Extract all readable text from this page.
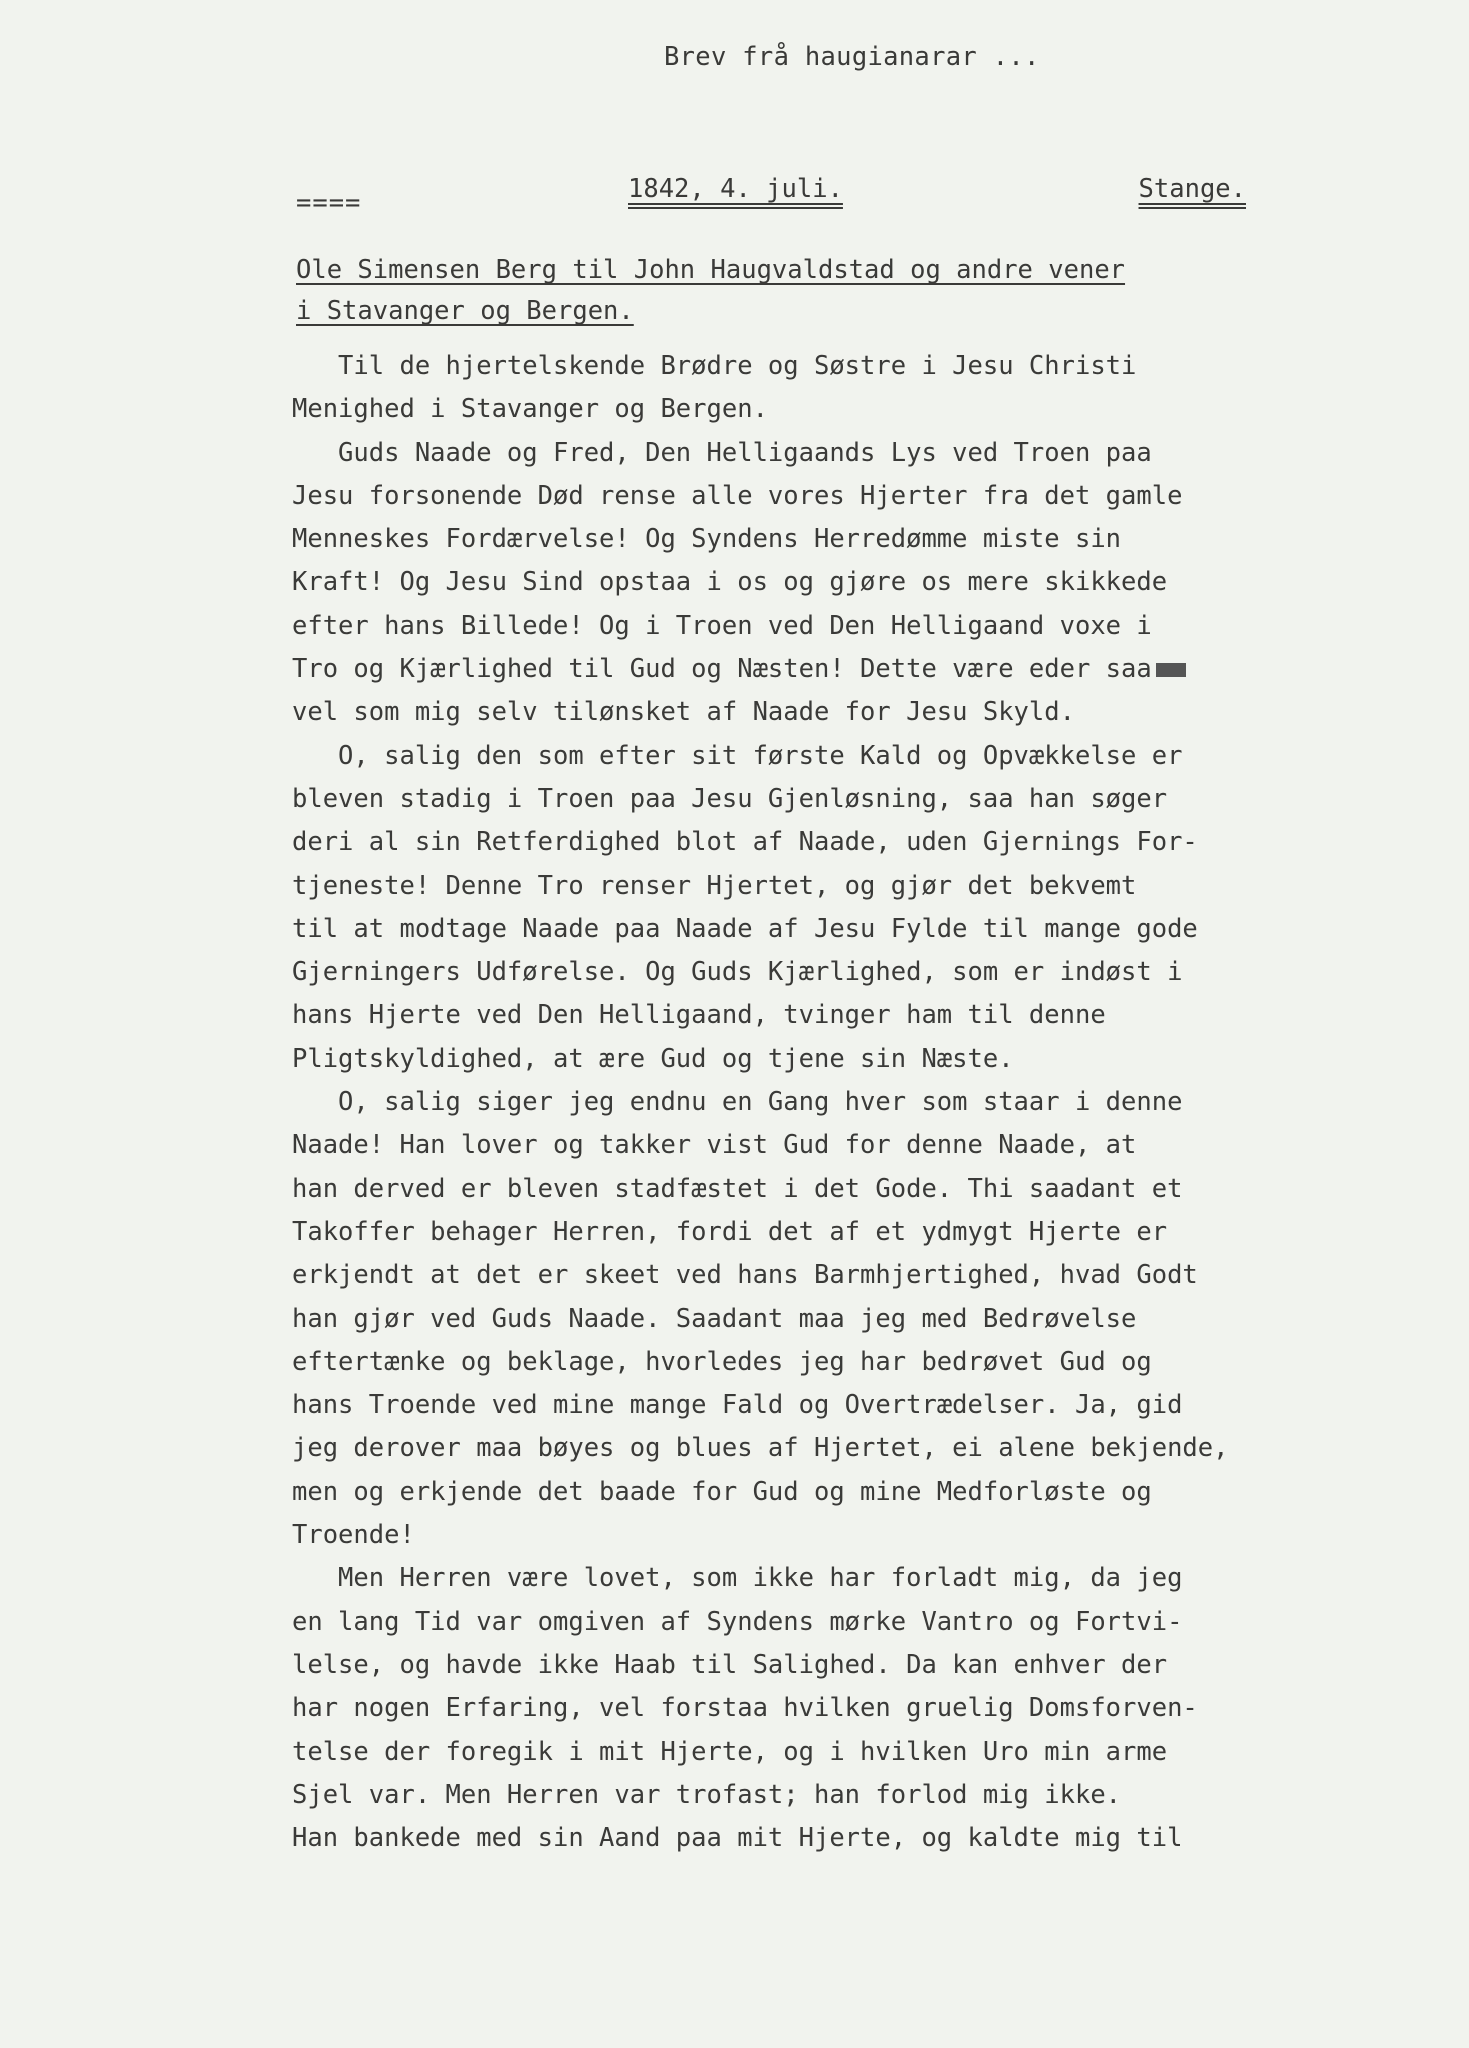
Brev frå haugianarar ...
====	1842, 4. juli.	Stange.
Ole Simensen Berg til John Haugvaldstad og andre vener
i Stavanger og Bergen.
Til de hjertelskende Brødre og Søstre i Jesu Christi
Menighed i Stavanger og Bergen.
Guds Naade og Fred, Den Helligaands Lys ved Troen paa
Jesu forsonende Død rense alle vores Hjerter fra det gamle
Menneskes Fordærvelse! Og Syndens Herredømme miste sin
Kraft! Og Jesu Sind opstaa i os og gjøre os mere skikkede
efter hans Billede! Og i Troen ved Den Helligaand voxe i
Tro og Kjærlighed til Gud og Næsten! Dette være eder saa
vel som mig selv tilønsket af Naade for Jesu Skyld.
O, salig den som efter sit første Kald og Opvækkelse er
bleven stadig i Troen paa Jesu Gjenløsning, saa han søger
deri al sin Retferdighed blot af Naade, uden Gjernings For-
tjeneste! Denne Tro renser Hjertet, og gjør det bekvemt
til at modtage Naade paa Naade af Jesu Fylde til mange gode
Gjerningers Udførelse. Og Guds Kjærlighed, som er indøst i
hans Hjerte ved Den Helligaand, tvinger ham til denne
Pligtskyldighed, at ære Gud og tjene sin Næste.
O, salig siger jeg endnu en Gang hver som staar i denne
Naade! Han lover og takker vist Gud for denne Naade, at
han derved er bleven stadfæstet i det Gode. Thi saadant et
Takoffer behager Herren, fordi det af et ydmygt Hjerte er
erkjendt at det er skeet ved hans Barmhjertighed, hvad Godt
han gjør ved Guds Naade. Saadant maa jeg med Bedrøvelse
eftertænke og beklage, hvorledes jeg har bedrøvet Gud og
hans Troende ved mine mange Fald og Overtrædelser. Ja, gid
jeg derover maa bøyes og blues af Hjertet, ei alene bekjende,
men og erkjende det baade for Gud og mine Medforløste og
Troende!
Men Herren være lovet, som ikke har forladt mig, da jeg
en lang Tid var omgiven af Syndens mørke Vantro og Fortvi-
lelse, og havde ikke Haab til Salighed. Da kan enhver der
har nogen Erfaring, vel forstaa hvilken gruelig Domsforven-
telse der foregik i mit Hjerte, og i hvilken Uro min arme
Sjel var. Men Herren var trofast; han forlod mig ikke.
Han bankede med sin Aand paa mit Hjerte, og kaldte mig til
